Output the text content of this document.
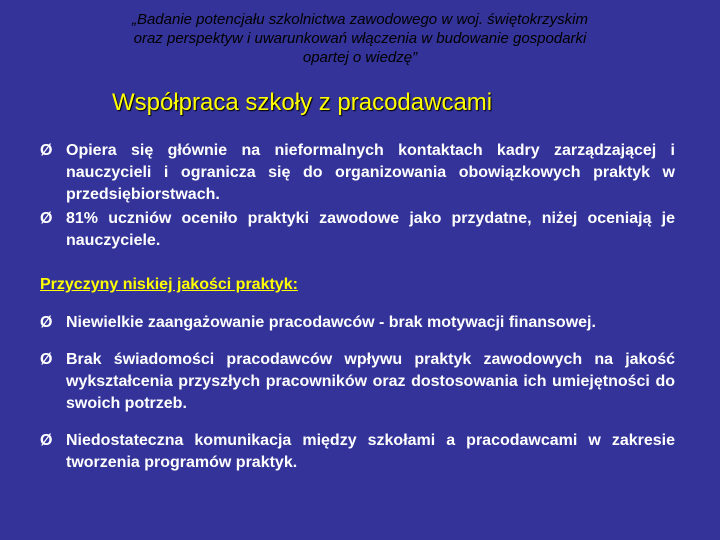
„Badanie potencjału szkolnictwa zawodowego w woj. świętokrzyskim
oraz perspektyw i uwarunkowań włączenia w budowanie gospodarki
opartej o wiedzę”
Współpraca szkoły z pracodawcami
Ø Opiera się głównie na nieformalnych kontaktach kadry zarządzającej i nauczycieli i ogranicza się do organizowania obowiązkowych praktyk w przedsiębiorstwach.
Ø 81% uczniów oceniło praktyki zawodowe jako przydatne, niżej oceniają je nauczyciele.
Przyczyny niskiej jakości praktyk:
Ø Niewielkie zaangażowanie pracodawców - brak motywacji finansowej.
Ø Brak świadomości pracodawców wpływu praktyk zawodowych na jakość wykształcenia przyszłych pracowników oraz dostosowania ich umiejętności do swoich potrzeb.
Ø Niedostateczna komunikacja między szkołami a pracodawcami w zakresie tworzenia programów praktyk.
